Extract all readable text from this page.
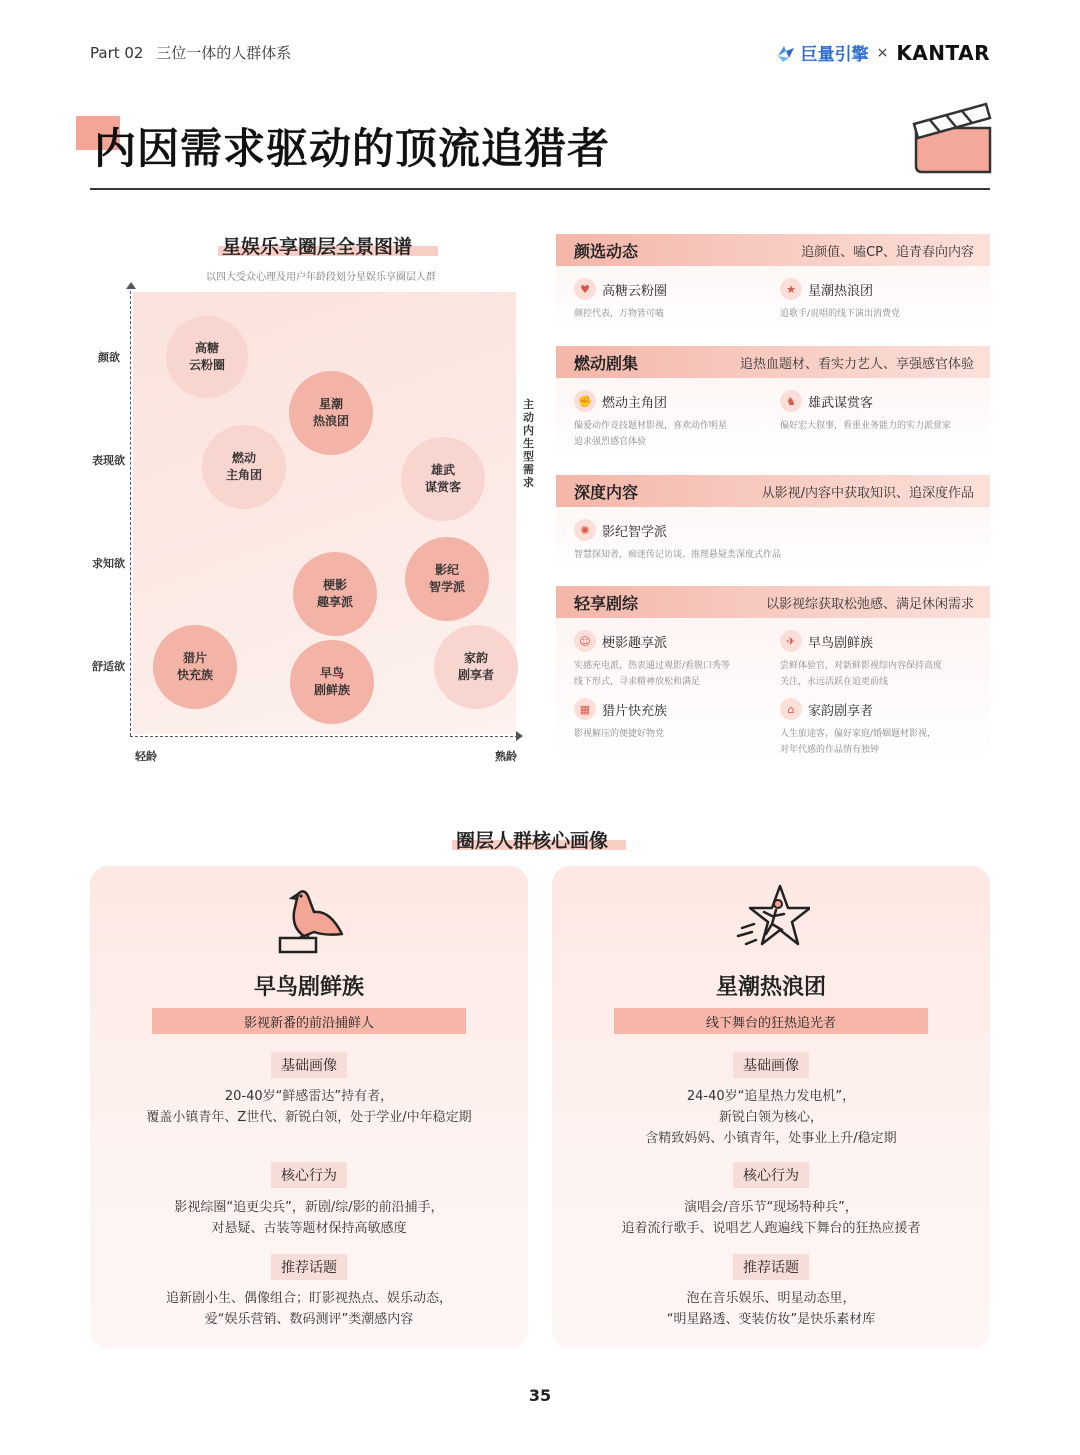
Part 02 三位一体的人群体系	巨量引擎 × KANTAR
内因需求驱动的顶流追猎者
星娱乐享圈层全景图谱
以四大受众心理及用户年龄段划分星娱乐享圈层人群
颜欲
表现欲
求知欲
舒适欲
轻龄	熟龄
主动内生型需求
高糖
云粉圈
星潮
热浪团
燃动
主角团	雄武
谋赏客
梗影
趣享派
影纪
智学派
猎片
快充族	早鸟
剧鲜族
家韵
剧享者
颜选动态	追颜值、嗑CP、追青春向内容
♥ 高糖云粉圈
颜控代表，万物皆可嗑
★ 星潮热浪团
追歌手/说唱的线下演出消费党
燃动剧集	追热血题材、看实力艺人、享强感官体验
✊ 燃动主角团
偏爱动作竞技题材影视，喜欢动作明星
追求强烈感官体验
♞ 雄武谋赏客
偏好宏大叙事，看重业务能力的实力派赏家
深度内容	从影视/内容中获取知识、追深度作品
✺ 影纪智学派
智慧探知者，痴迷传记访谈、推理悬疑类深度式作品
轻享剧综	以影视综获取松弛感、满足休闲需求
☺ 梗影趣享派
实感充电派，热衷通过观影/看脱口秀等
线下形式，寻求精神放松和满足
✈ 早鸟剧鲜族
尝鲜体验官，对新鲜影视综内容保持高度
关注，永远活跃在追更前线
▦ 猎片快充族
影视解压的便捷好物党
⌂	家韵剧享者
人生旅途客，偏好家庭/婚姻题材影视，
对年代感的作品情有独钟
圈层人群核心画像
早鸟剧鲜族
影视新番的前沿捕鲜人
基础画像
20-40岁“鲜感雷达”持有者，
覆盖小镇青年、Z世代、新锐白领，处于学业/中年稳定期
核心行为
影视综圈“追更尖兵”，新剧/综/影的前沿捕手，
对悬疑、古装等题材保持高敏感度
推荐话题
追新剧小生、偶像组合；盯影视热点、娱乐动态，
爱“娱乐营销、数码测评”类潮感内容
星潮热浪团
线下舞台的狂热追光者
基础画像
24-40岁“追星热力发电机”，
新锐白领为核心，
含精致妈妈、小镇青年，处事业上升/稳定期
核心行为
演唱会/音乐节“现场特种兵”，
追着流行歌手、说唱艺人跑遍线下舞台的狂热应援者
推荐话题
泡在音乐娱乐、明星动态里，
“明星路透、变装仿妆”是快乐素材库
35
